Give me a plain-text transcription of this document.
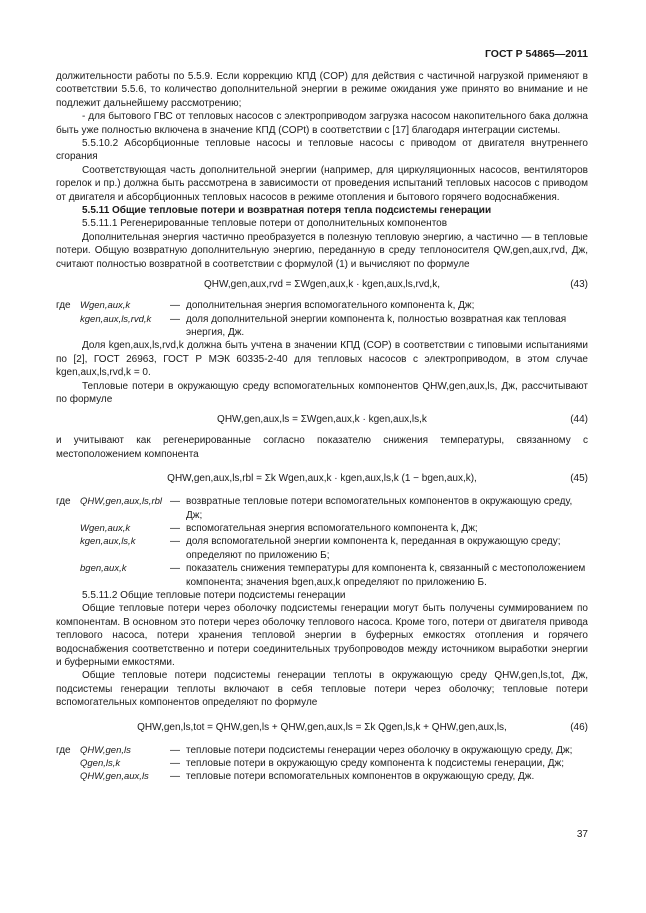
ГОСТ Р 54865—2011

должительности работы по 5.5.9. Если коррекцию КПД (COP) для действия с частичной нагрузкой применяют в соответствии 5.5.6, то количество дополнительной энергии в режиме ожидания уже принято во внимание и не подлежит дальнейшему рассмотрению;

- для бытового ГВС от тепловых насосов с электроприводом загрузка насосом накопительного бака должна быть уже полностью включена в значение КПД (COPt) в соответствии с [17] благодаря интеграции системы.

5.5.10.2 Абсорбционные тепловые насосы и тепловые насосы с приводом от двигателя внутреннего сгорания

Соответствующая часть дополнительной энергии (например, для циркуляционных насосов, вентиляторов горелок и пр.) должна быть рассмотрена в зависимости от проведения испытаний тепловых насосов с приводом от двигателя и абсорбционных тепловых насосов в режиме отопления и бытового горячего водоснабжения.

5.5.11 Общие тепловые потери и возвратная потеря тепла подсистемы генерации

5.5.11.1 Регенерированные тепловые потери от дополнительных компонентов

Дополнительная энергия частично преобразуется в полезную тепловую энергию, а частично — в тепловые потери. Общую возвратную дополнительную энергию, переданную в среду теплоносителя QW,gen,aux,rvd, Дж, считают полностью возвратной в соответствии с формулой (1) и вычисляют по формуле

QHW,gen,aux,rvd = ΣWgen,aux,k · kgen,aux,ls,rvd,k,	(43)
где Wgen,aux,k	— дополнительная энергия вспомогательного компонента k, Дж;
kgen,aux,ls,rvd,k	— доля дополнительной энергии компонента k, полностью возвратная как тепловая энергия, Дж.

Доля kgen,aux,ls,rvd,k должна быть учтена в значении КПД (COP) в соответствии с типовыми испытаниями по [2], ГОСТ 26963, ГОСТ Р МЭК 60335-2-40 для тепловых насосов с электроприводом, в этом случае kgen,aux,ls,rvd,k = 0.

Тепловые потери в окружающую среду вспомогательных компонентов QHW,gen,aux,ls, Дж, рассчитывают по формуле

QHW,gen,aux,ls = ΣWgen,aux,k · kgen,aux,ls,k	(44)

и учитывают как регенерированные согласно показателю снижения температуры, связанному с местоположением компонента

QHW,gen,aux,ls,rbl = Σk Wgen,aux,k · kgen,aux,ls,k (1 − bgen,aux,k),	(45)
где QHW,gen,aux,ls,rbl — возвратные тепловые потери вспомогательных компонентов в окружающую среду, Дж;
Wgen,aux,k	— вспомогательная энергия вспомогательного компонента k, Дж;
kgen,aux,ls,k	— доля вспомогательной энергии компонента k, переданная в окружающую среду; определяют по приложению Б;
bgen,aux,k	— показатель снижения температуры для компонента k, связанный с местоположением компонента; значения bgen,aux,k определяют по приложению Б.

5.5.11.2 Общие тепловые потери подсистемы генерации

Общие тепловые потери через оболочку подсистемы генерации могут быть получены суммированием по компонентам. В основном это потери через оболочку теплового насоса. Кроме того, потери от двигателя привода теплового насоса, потери хранения тепловой энергии в буферных емкостях отопления и горячего водоснабжения соответственно и потери соединительных трубопроводов между источником выработки энергии и буферными емкостями.

Общие тепловые потери подсистемы генерации теплоты в окружающую среду QHW,gen,ls,tot, Дж, подсистемы генерации теплоты включают в себя тепловые потери через оболочку; тепловые потери вспомогательных компонентов определяют по формуле

QHW,gen,ls,tot = QHW,gen,ls + QHW,gen,aux,ls = Σk Qgen,ls,k + QHW,gen,aux,ls,	(46)
где QHW,gen,ls	— тепловые потери подсистемы генерации через оболочку в окружающую среду, Дж;
Qgen,ls,k	— тепловые потери в окружающую среду компонента k подсистемы генерации, Дж;
QHW,gen,aux,ls	— тепловые потери вспомогательных компонентов в окружающую среду, Дж.
37
